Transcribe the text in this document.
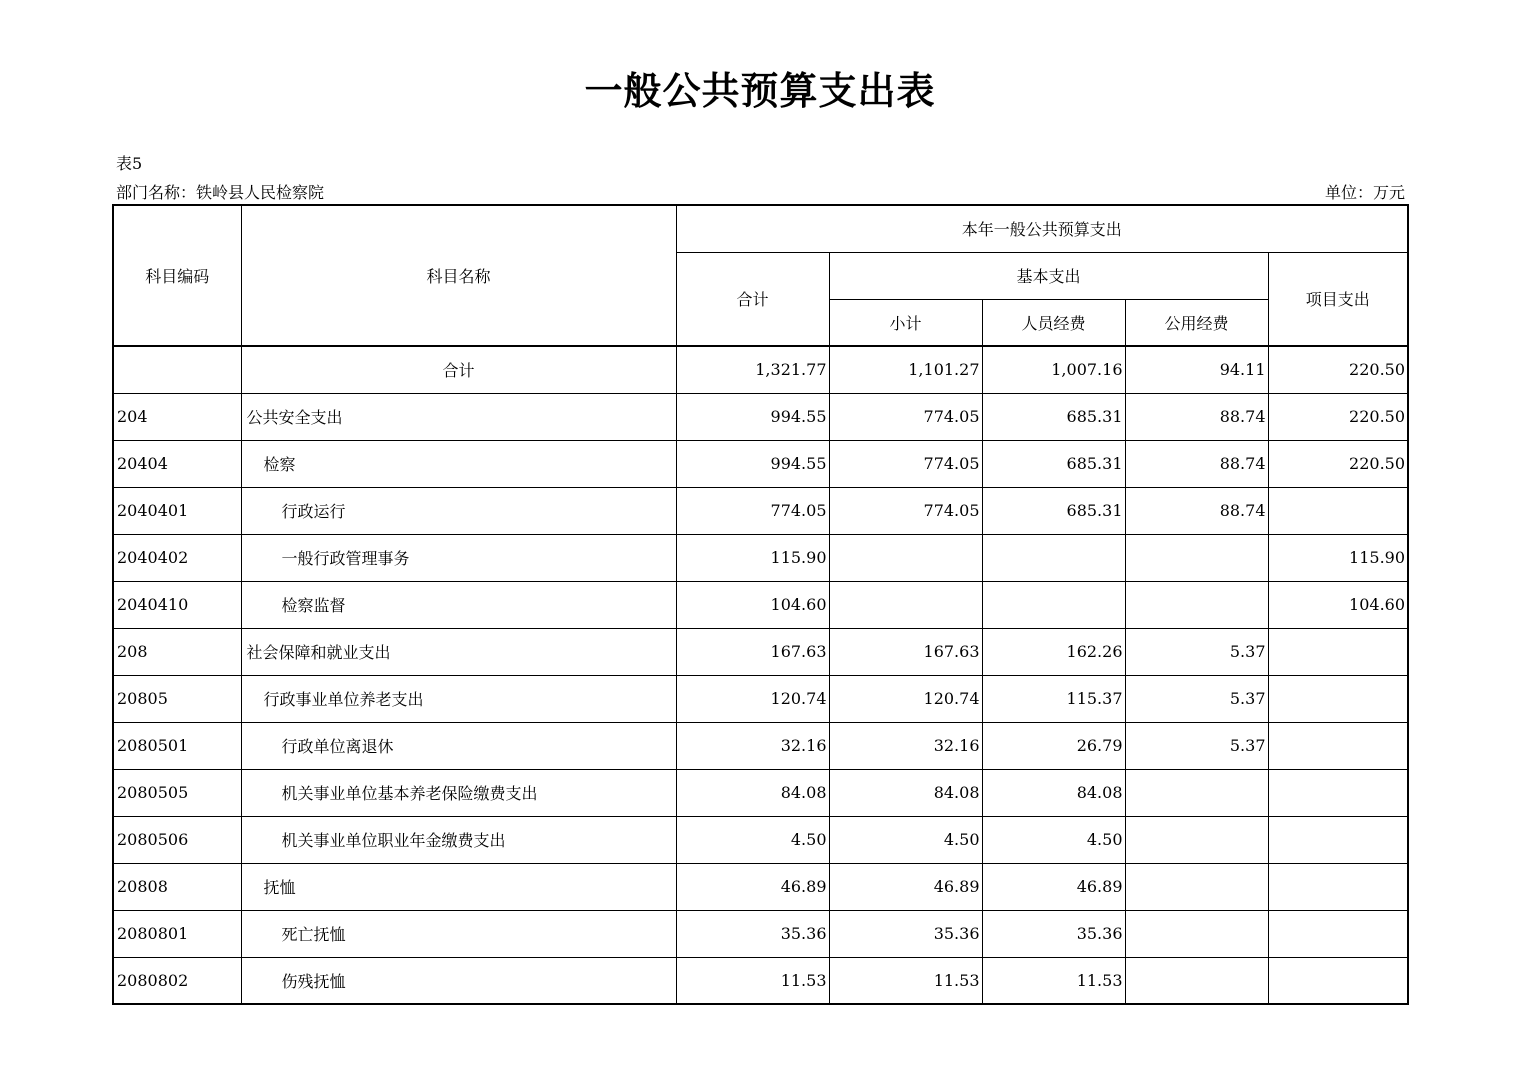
一般公共预算支出表
表5
部门名称：铁岭县人民检察院	单位：万元
科目编码	科目名称	本年一般公共预算支出				
		合计	基本支出			项目支出
			小计	人员经费	公用经费	
	合计	1,321.77	1,101.27	1,007.16	94.11	220.50
204	公共安全支出	994.55	774.05	685.31	88.74	220.50
20404	检察	994.55	774.05	685.31	88.74	220.50
2040401	行政运行	774.05	774.05	685.31	88.74	
2040402	一般行政管理事务	115.90				115.90
2040410	检察监督	104.60				104.60
208	社会保障和就业支出	167.63	167.63	162.26	5.37	
20805	行政事业单位养老支出	120.74	120.74	115.37	5.37	
2080501	行政单位离退休	32.16	32.16	26.79	5.37	
2080505	机关事业单位基本养老保险缴费支出	84.08	84.08	84.08		
2080506	机关事业单位职业年金缴费支出	4.50	4.50	4.50		
20808	抚恤	46.89	46.89	46.89		
2080801	死亡抚恤	35.36	35.36	35.36		
2080802	伤残抚恤	11.53	11.53	11.53		
